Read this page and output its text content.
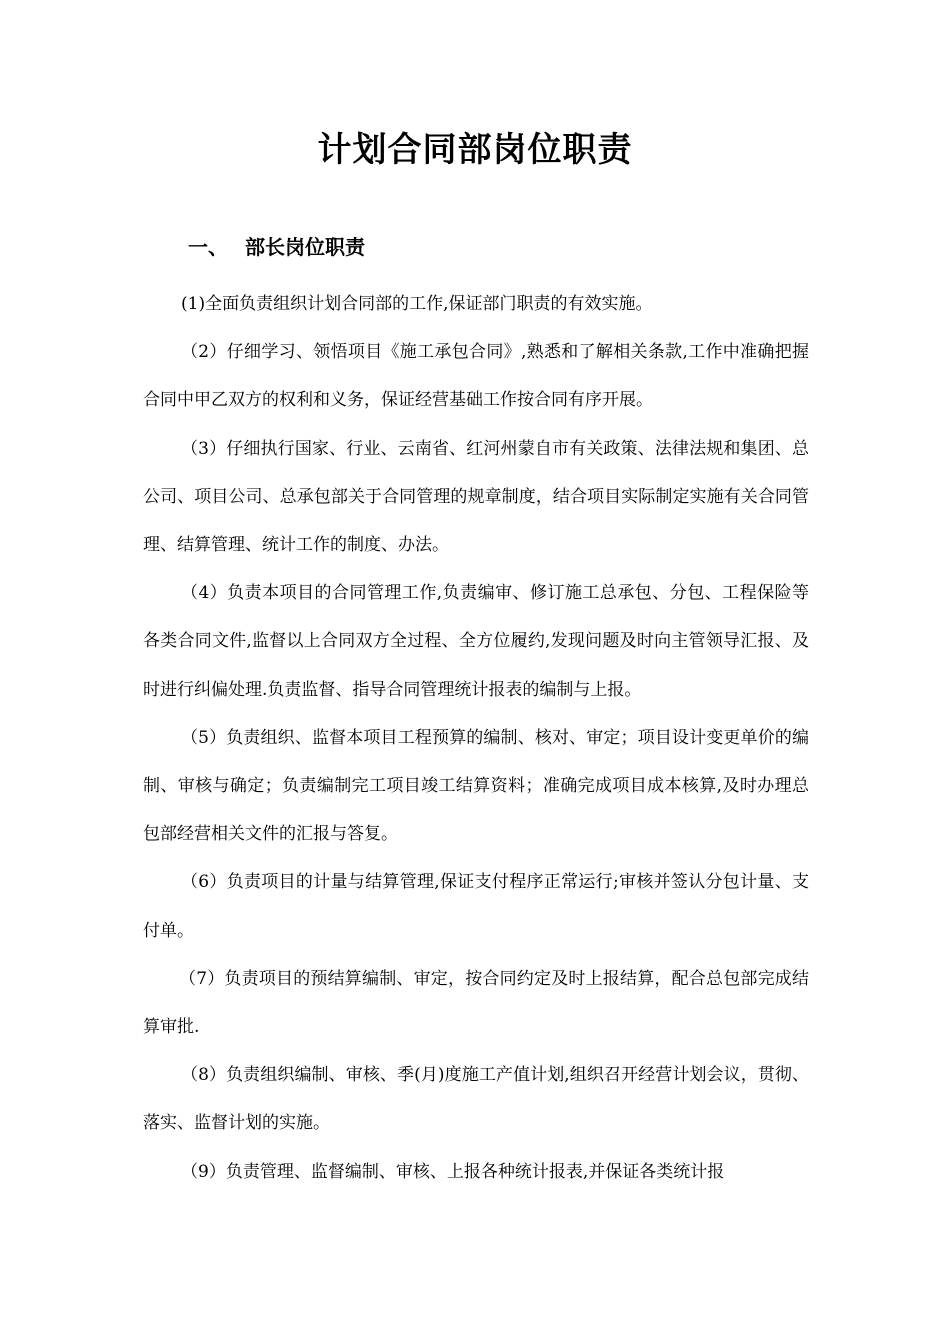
计划合同部岗位职责
一、 部长岗位职责

(1)全面负责组织计划合同部的工作,保证部门职责的有效实施。

（2）仔细学习、领悟项目《施工承包合同》,熟悉和了解相关条款,工作中准确把握合同中甲乙双方的权利和义务，保证经营基础工作按合同有序开展。

（3）仔细执行国家、行业、云南省、红河州蒙自市有关政策、法律法规和集团、总公司、项目公司、总承包部关于合同管理的规章制度，结合项目实际制定实施有关合同管理、结算管理、统计工作的制度、办法。

（4）负责本项目的合同管理工作,负责编审、修订施工总承包、分包、工程保险等各类合同文件,监督以上合同双方全过程、全方位履约,发现问题及时向主管领导汇报、及时进行纠偏处理.负责监督、指导合同管理统计报表的编制与上报。

（5）负责组织、监督本项目工程预算的编制、核对、审定；项目设计变更单价的编制、审核与确定；负责编制完工项目竣工结算资料；准确完成项目成本核算,及时办理总包部经营相关文件的汇报与答复。

（6）负责项目的计量与结算管理,保证支付程序正常运行;审核并签认分包计量、支付单。

（7）负责项目的预结算编制、审定，按合同约定及时上报结算，配合总包部完成结算审批.

（8）负责组织编制、审核、季(月)度施工产值计划,组织召开经营计划会议，贯彻、落实、监督计划的实施。

（9）负责管理、监督编制、审核、上报各种统计报表,并保证各类统计报
